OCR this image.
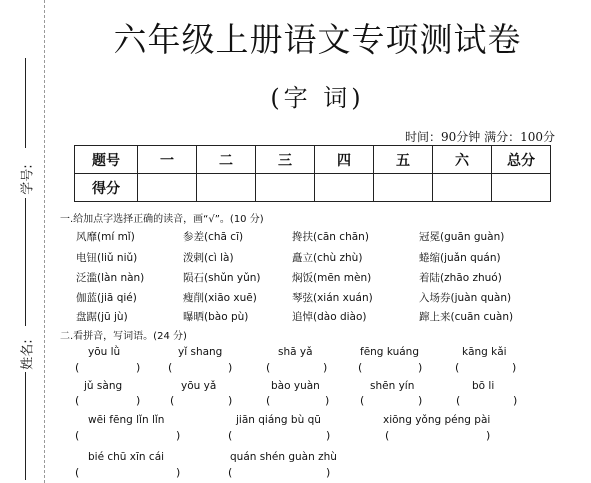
学号:
姓名:
六年级上册语文专项测试卷
(字 词)
时间：90分钟 满分：100分
题号	一	二	三	四	五	六	总分
得分							
一.给加点字选择正确的读音，画“√”。(10 分)
风靡(mí mǐ)	参差(chā cī)	搀扶(cān chān)	冠冕(guān guàn)
电钮(liǔ niǔ)	泼剌(cì là)	矗立(chù zhù)	蜷缩(juǎn quán)
泛滥(làn nàn)	陨石(shǔn yǔn)	焖饭(mēn mèn)	着陆(zhāo zhuó)
伽蓝(jiā qié)	瘦削(xiāo xuē)	琴弦(xián xuán)	入场券(juàn quàn)
盘踞(jū jù)	曝晒(bào pù)	追悼(dào diào)	蹿上来(cuān cuàn)
二.看拼音，写词语。(24 分)
yōu lǜ	yǐ shang	shā yǎ	fēng kuáng	kāng kǎi
(	)	(	)	(	)	(	)	(	)
jǔ sàng	yōu yǎ	bào yuàn	shēn yín	bō li
(	)	(	)	(	)	(	)	(	)
wēi fēng lǐn lǐn	jiān qiáng bù qū	xiōng yǒng péng pài
(	)	(	)	(	)
bié chū xīn cái	quán shén guàn zhù
(	)	(	)
